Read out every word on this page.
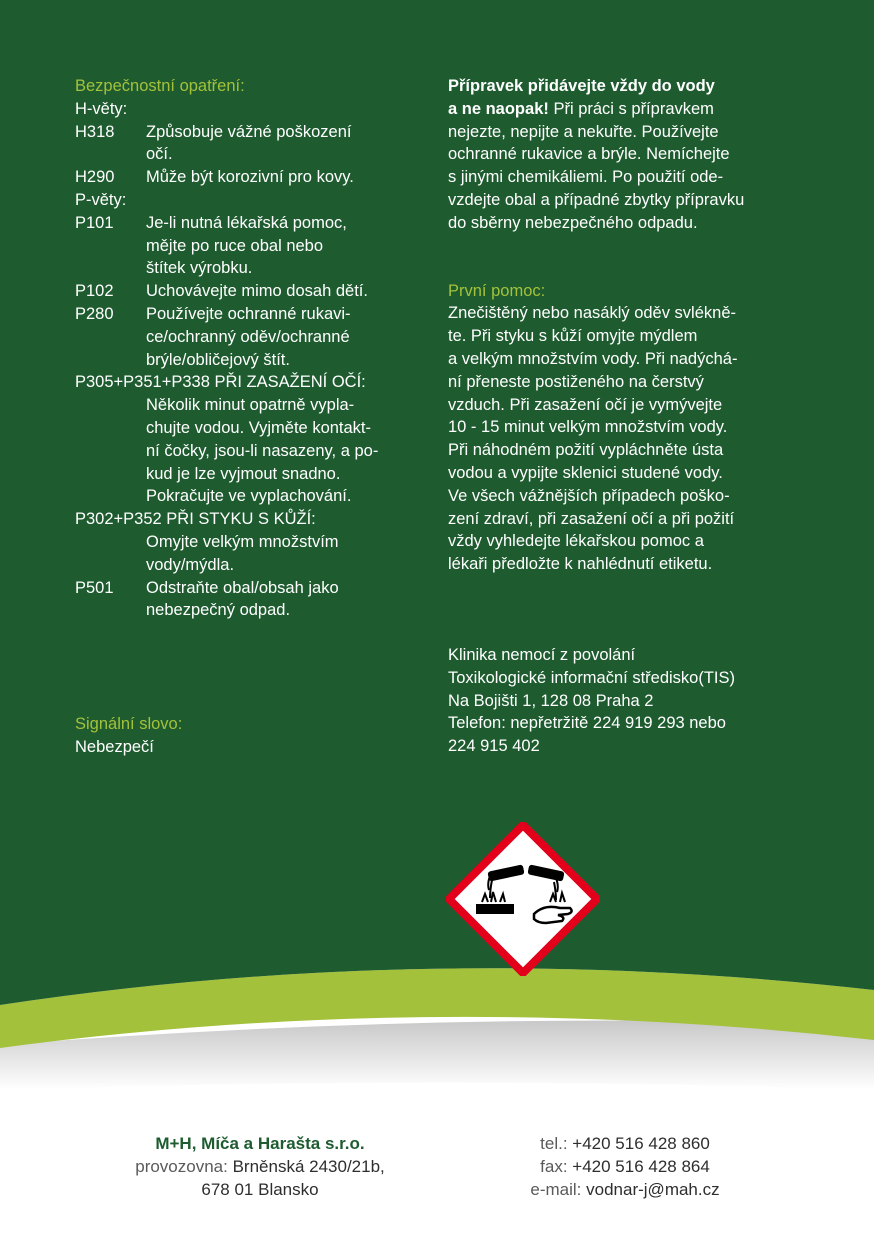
Bezpečnostní opatření:
H-věty:
H318	Způsobuje vážné poškození
očí.
H290	Může být korozivní pro kovy.
P-věty:
P101	Je-li nutná lékařská pomoc,
mějte po ruce obal nebo
štítek výrobku.
P102	Uchovávejte mimo dosah dětí.
P280	Používejte ochranné rukavi-
ce/ochranný oděv/ochranné
brýle/obličejový štít.
P305+P351+P338 PŘI ZASAŽENÍ OČÍ:
Několik minut opatrně vypla-
chujte vodou. Vyjměte kontakt-
ní čočky, jsou-li nasazeny, a po-
kud je lze vyjmout snadno.
Pokračujte ve vyplachování.
P302+P352 PŘI STYKU S KŮŽÍ:
Omyjte velkým množstvím
vody/mýdla.
P501	Odstraňte obal/obsah jako
nebezpečný odpad.
Signální slovo:
Nebezpečí
Přípravek přidávejte vždy do vody
a ne naopak! Při práci s přípravkem
nejezte, nepijte a nekuřte. Používejte
ochranné rukavice a brýle. Nemíchejte
s jinými chemikáliemi. Po použití ode-
vzdejte obal a případné zbytky přípravku
do sběrny nebezpečného odpadu.
První pomoc:
Znečištěný nebo nasáklý oděv svlékně-
te. Při styku s kůží omyjte mýdlem
a velkým množstvím vody. Při nadýchá-
ní přeneste postiženého na čerstvý
vzduch. Při zasažení očí je vymývejte
10 - 15 minut velkým množstvím vody.
Při náhodném požití vypláchněte ústa
vodou a vypijte sklenici studené vody.
Ve všech vážnějších případech poško-
zení zdraví, při zasažení očí a při požití
vždy vyhledejte lékařskou pomoc a
lékaři předložte k nahlédnutí etiketu.
Klinika nemocí z povolání
Toxikologické informační středisko(TIS)
Na Bojišti 1, 128 08 Praha 2
Telefon: nepřetržitě 224 919 293 nebo
224 915 402
M+H, Míča a Harašta s.r.o.
provozovna: Brněnská 2430/21b,
678 01 Blansko
tel.: +420 516 428 860
fax: +420 516 428 864
e-mail: vodnar-j@mah.cz
